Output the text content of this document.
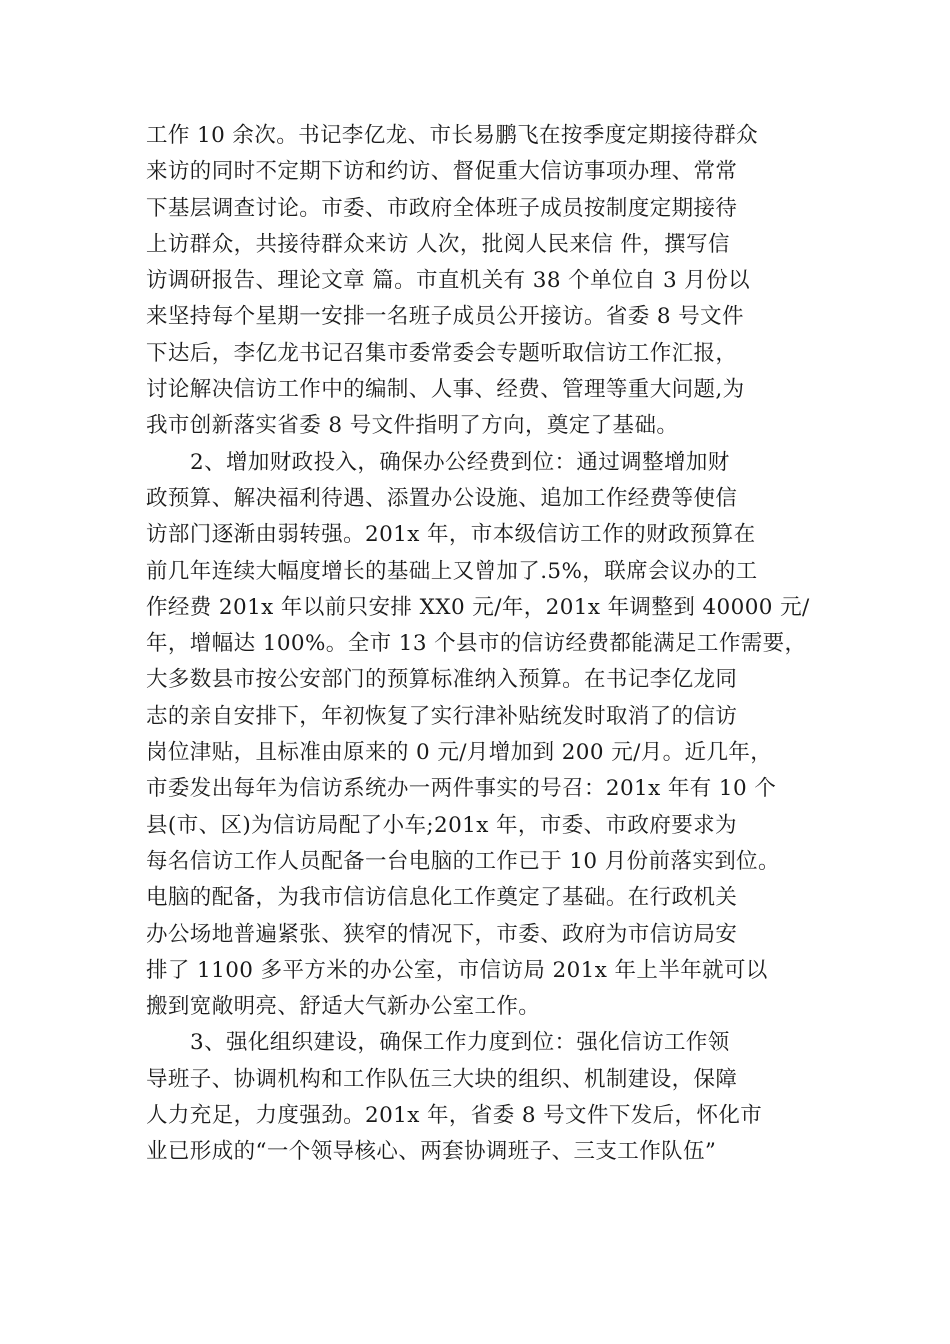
工作 10 余次。书记李亿龙、市长易鹏飞在按季度定期接待群众
来访的同时不定期下访和约访、督促重大信访事项办理、常常
下基层调查讨论。市委、市政府全体班子成员按制度定期接待
上访群众，共接待群众来访 人次，批阅人民来信 件，撰写信
访调研报告、理论文章 篇。市直机关有 38 个单位自 3 月份以
来坚持每个星期一安排一名班子成员公开接访。省委 8 号文件
下达后，李亿龙书记召集市委常委会专题听取信访工作汇报，
讨论解决信访工作中的编制、人事、经费、管理等重大问题,为
我市创新落实省委 8 号文件指明了方向，奠定了基础。
2、增加财政投入，确保办公经费到位：通过调整增加财
政预算、解决福利待遇、添置办公设施、追加工作经费等使信
访部门逐渐由弱转强。201x 年，市本级信访工作的财政预算在
前几年连续大幅度增长的基础上又曾加了.5%，联席会议办的工
作经费 201x 年以前只安排 XX0 元/年，201x 年调整到 40000 元/
年，增幅达 100%。全市 13 个县市的信访经费都能满足工作需要，
大多数县市按公安部门的预算标准纳入预算。在书记李亿龙同
志的亲自安排下，年初恢复了实行津补贴统发时取消了的信访
岗位津贴，且标准由原来的 0 元/月增加到 200 元/月。近几年，
市委发出每年为信访系统办一两件事实的号召：201x 年有 10 个
县(市、区)为信访局配了小车;201x 年，市委、市政府要求为
每名信访工作人员配备一台电脑的工作已于 10 月份前落实到位。
电脑的配备，为我市信访信息化工作奠定了基础。在行政机关
办公场地普遍紧张、狭窄的情况下，市委、政府为市信访局安
排了 1100 多平方米的办公室，市信访局 201x 年上半年就可以
搬到宽敞明亮、舒适大气新办公室工作。
3、强化组织建设，确保工作力度到位：强化信访工作领
导班子、协调机构和工作队伍三大块的组织、机制建设，保障
人力充足，力度强劲。201x 年，省委 8 号文件下发后，怀化市
业已形成的“一个领导核心、两套协调班子、三支工作队伍”
